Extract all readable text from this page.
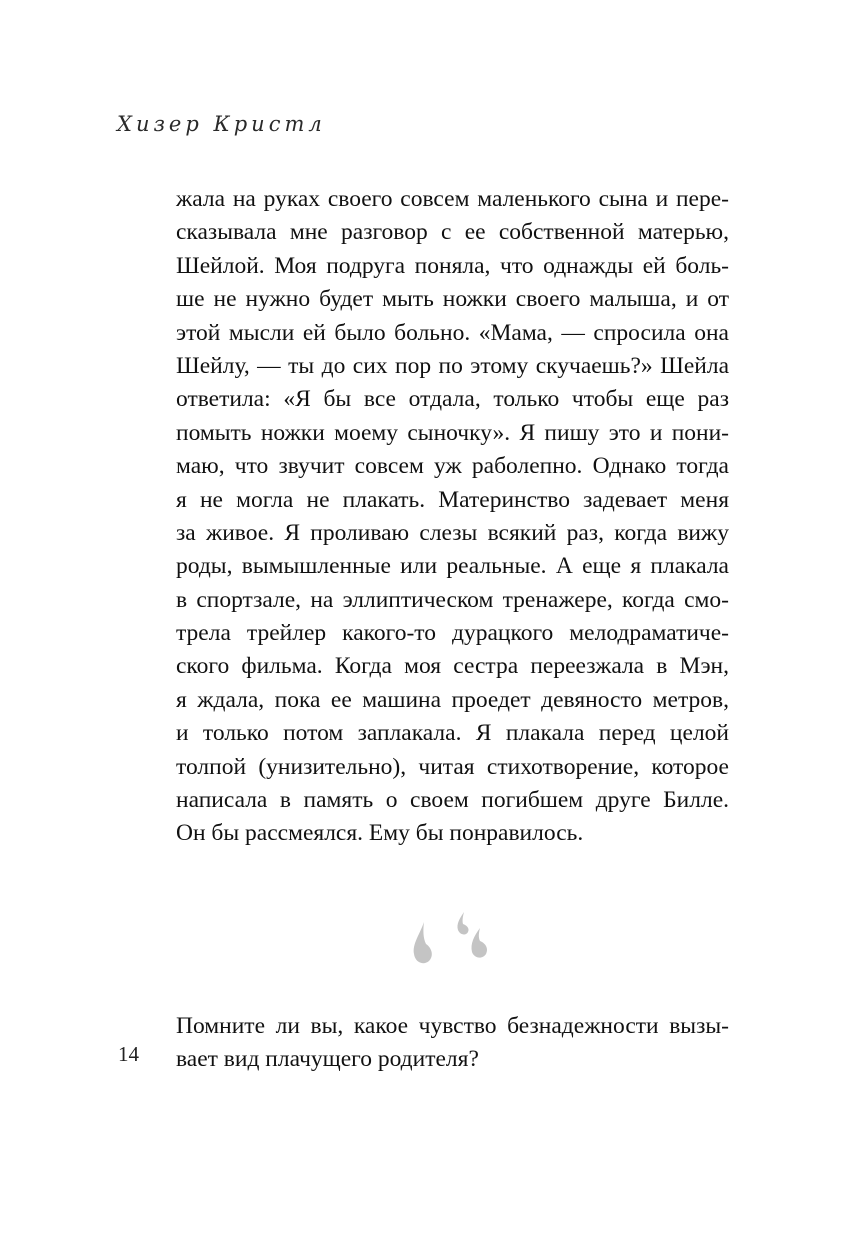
Хизер Кристл
жала на руках своего совсем маленького сына и пере-
сказывала мне разговор с ее собственной матерью,
Шейлой. Моя подруга поняла, что однажды ей боль-
ше не нужно будет мыть ножки своего малыша, и от
этой мысли ей было больно. «Мама, — спросила она
Шейлу, — ты до сих пор по этому скучаешь?» Шейла
ответила: «Я бы все отдала, только чтобы еще раз
помыть ножки моему сыночку». Я пишу это и пони-
маю, что звучит совсем уж раболепно. Однако тогда
я не могла не плакать. Материнство задевает меня
за живое. Я проливаю слезы всякий раз, когда вижу
роды, вымышленные или реальные. А еще я плакала
в спортзале, на эллиптическом тренажере, когда смо-
трела трейлер какого-то дурацкого мелодраматиче-
ского фильма. Когда моя сестра переезжала в Мэн,
я ждала, пока ее машина проедет девяносто метров,
и только потом заплакала. Я плакала перед целой
толпой (унизительно), читая стихотворение, которое
написала в память о своем погибшем друге Билле.
Он бы рассмеялся. Ему бы понравилось.
Помните ли вы, какое чувство безнадежности вызы-
вает вид плачущего родителя?
14
